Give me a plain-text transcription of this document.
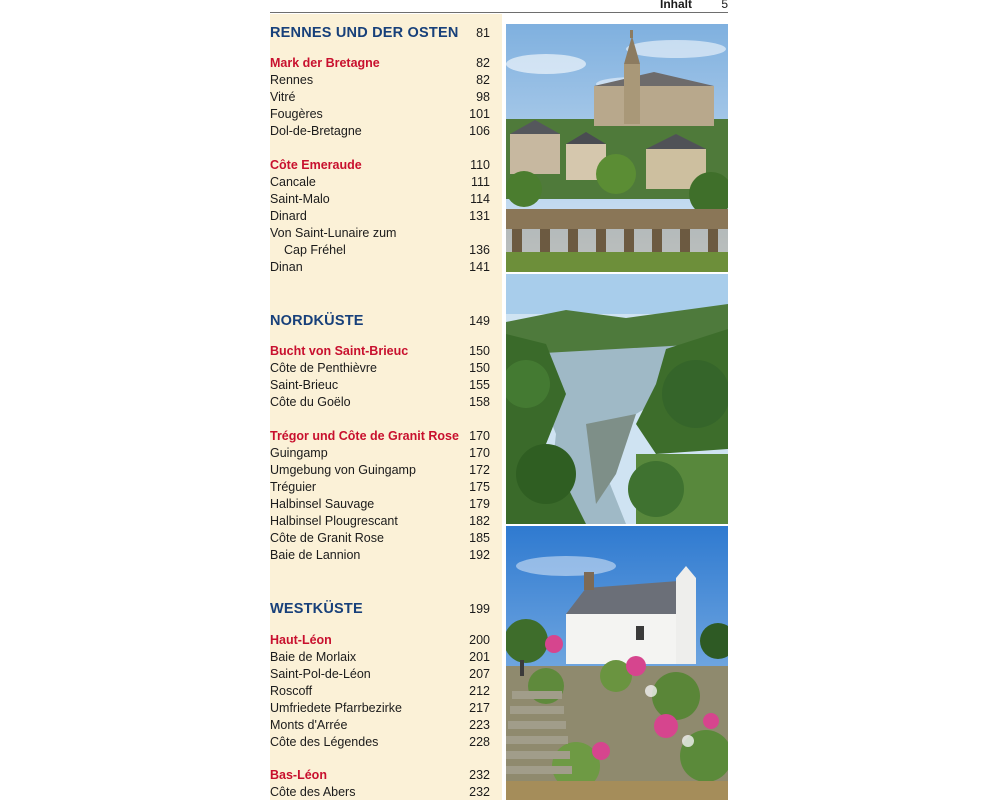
Inhalt 5
RENNES UND DER OSTEN 81
Mark der Bretagne	82
Rennes	82
Vitré	98
Fougères	101
Dol-de-Bretagne	106
Côte Emeraude	110
Cancale	111
Saint-Malo	114
Dinard	131
Von Saint-Lunaire zum
Cap Fréhel	136
Dinan	141
NORDKÜSTE	149
Bucht von Saint-Brieuc	150
Côte de Penthièvre	150
Saint-Brieuc	155
Côte du Goëlo	158
Trégor und Côte de Granit Rose 170
Guingamp	170
Umgebung von Guingamp	172
Tréguier	175
Halbinsel Sauvage	179
Halbinsel Plougrescant	182
Côte de Granit Rose	185
Baie de Lannion	192
WESTKÜSTE	199
Haut-Léon	200
Baie de Morlaix	201
Saint-Pol-de-Léon	207
Roscoff	212
Umfriedete Pfarrbezirke	217
Monts d'Arrée	223
Côte des Légendes	228
Bas-Léon	232
Côte des Abers	232
